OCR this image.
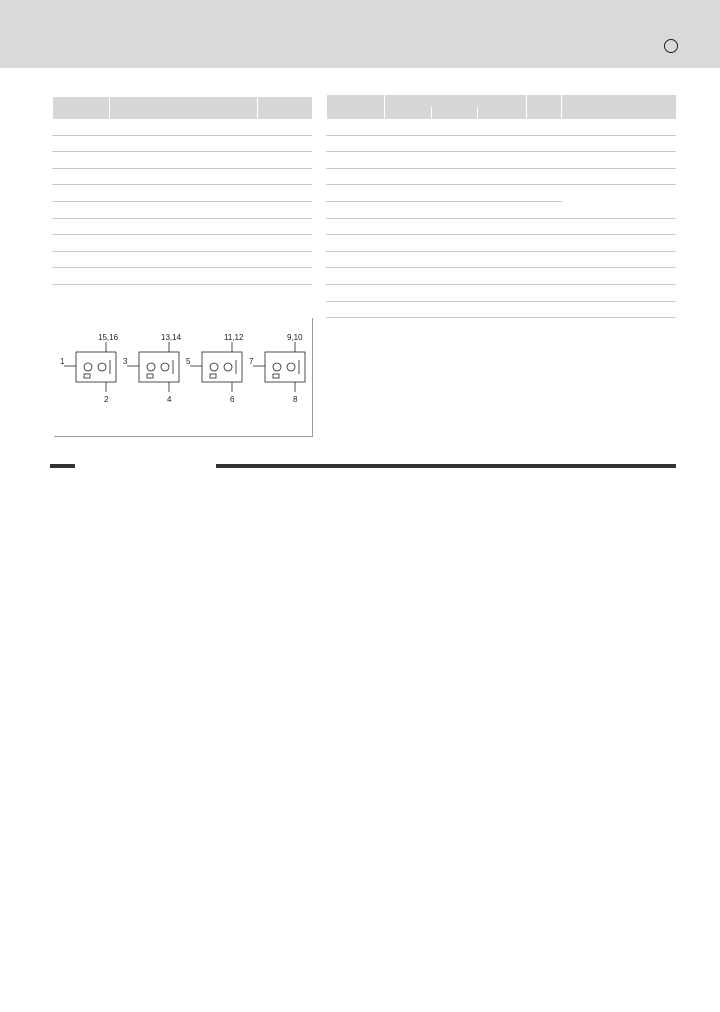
15,16
1
2
13,14
3
4
11,12
5
6
9,10
7
8
